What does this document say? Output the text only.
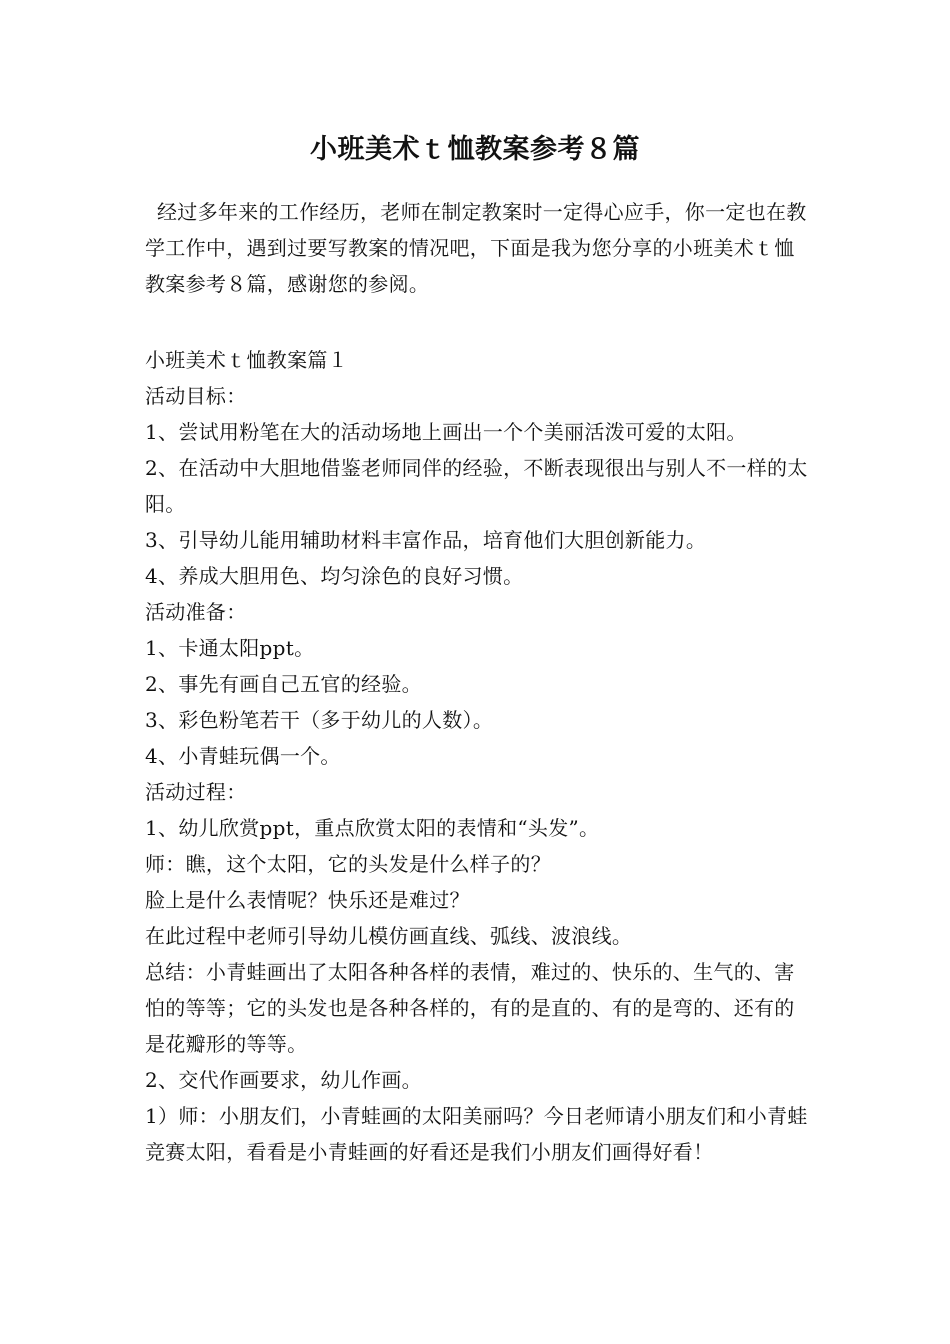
小班美术ｔ恤教案参考８篇
经过多年来的工作经历，老师在制定教案时一定得心应手，你一定也在教学工作中，遇到过要写教案的情况吧，下面是我为您分享的小班美术ｔ恤教案参考８篇，感谢您的参阅。

小班美术ｔ恤教案篇１

活动目标：

1、尝试用粉笔在大的活动场地上画出一个个美丽活泼可爱的太阳。

2、在活动中大胆地借鉴老师同伴的经验，不断表现很出与别人不一样的太阳。

3、引导幼儿能用辅助材料丰富作品，培育他们大胆创新能力。

4、养成大胆用色、均匀涂色的良好习惯。

活动准备：

1、卡通太阳ppt。

2、事先有画自己五官的经验。

3、彩色粉笔若干（多于幼儿的人数）。

4、小青蛙玩偶一个。

活动过程：

1、幼儿欣赏ppt，重点欣赏太阳的表情和“头发”。

师：瞧，这个太阳，它的头发是什么样子的？

脸上是什么表情呢？快乐还是难过？

在此过程中老师引导幼儿模仿画直线、弧线、波浪线。

总结：小青蛙画出了太阳各种各样的表情，难过的、快乐的、生气的、害怕的等等；它的头发也是各种各样的，有的是直的、有的是弯的、还有的是花瓣形的等等。

2、交代作画要求，幼儿作画。

1）师：小朋友们，小青蛙画的太阳美丽吗？今日老师请小朋友们和小青蛙竞赛太阳，看看是小青蛙画的好看还是我们小朋友们画得好看！
